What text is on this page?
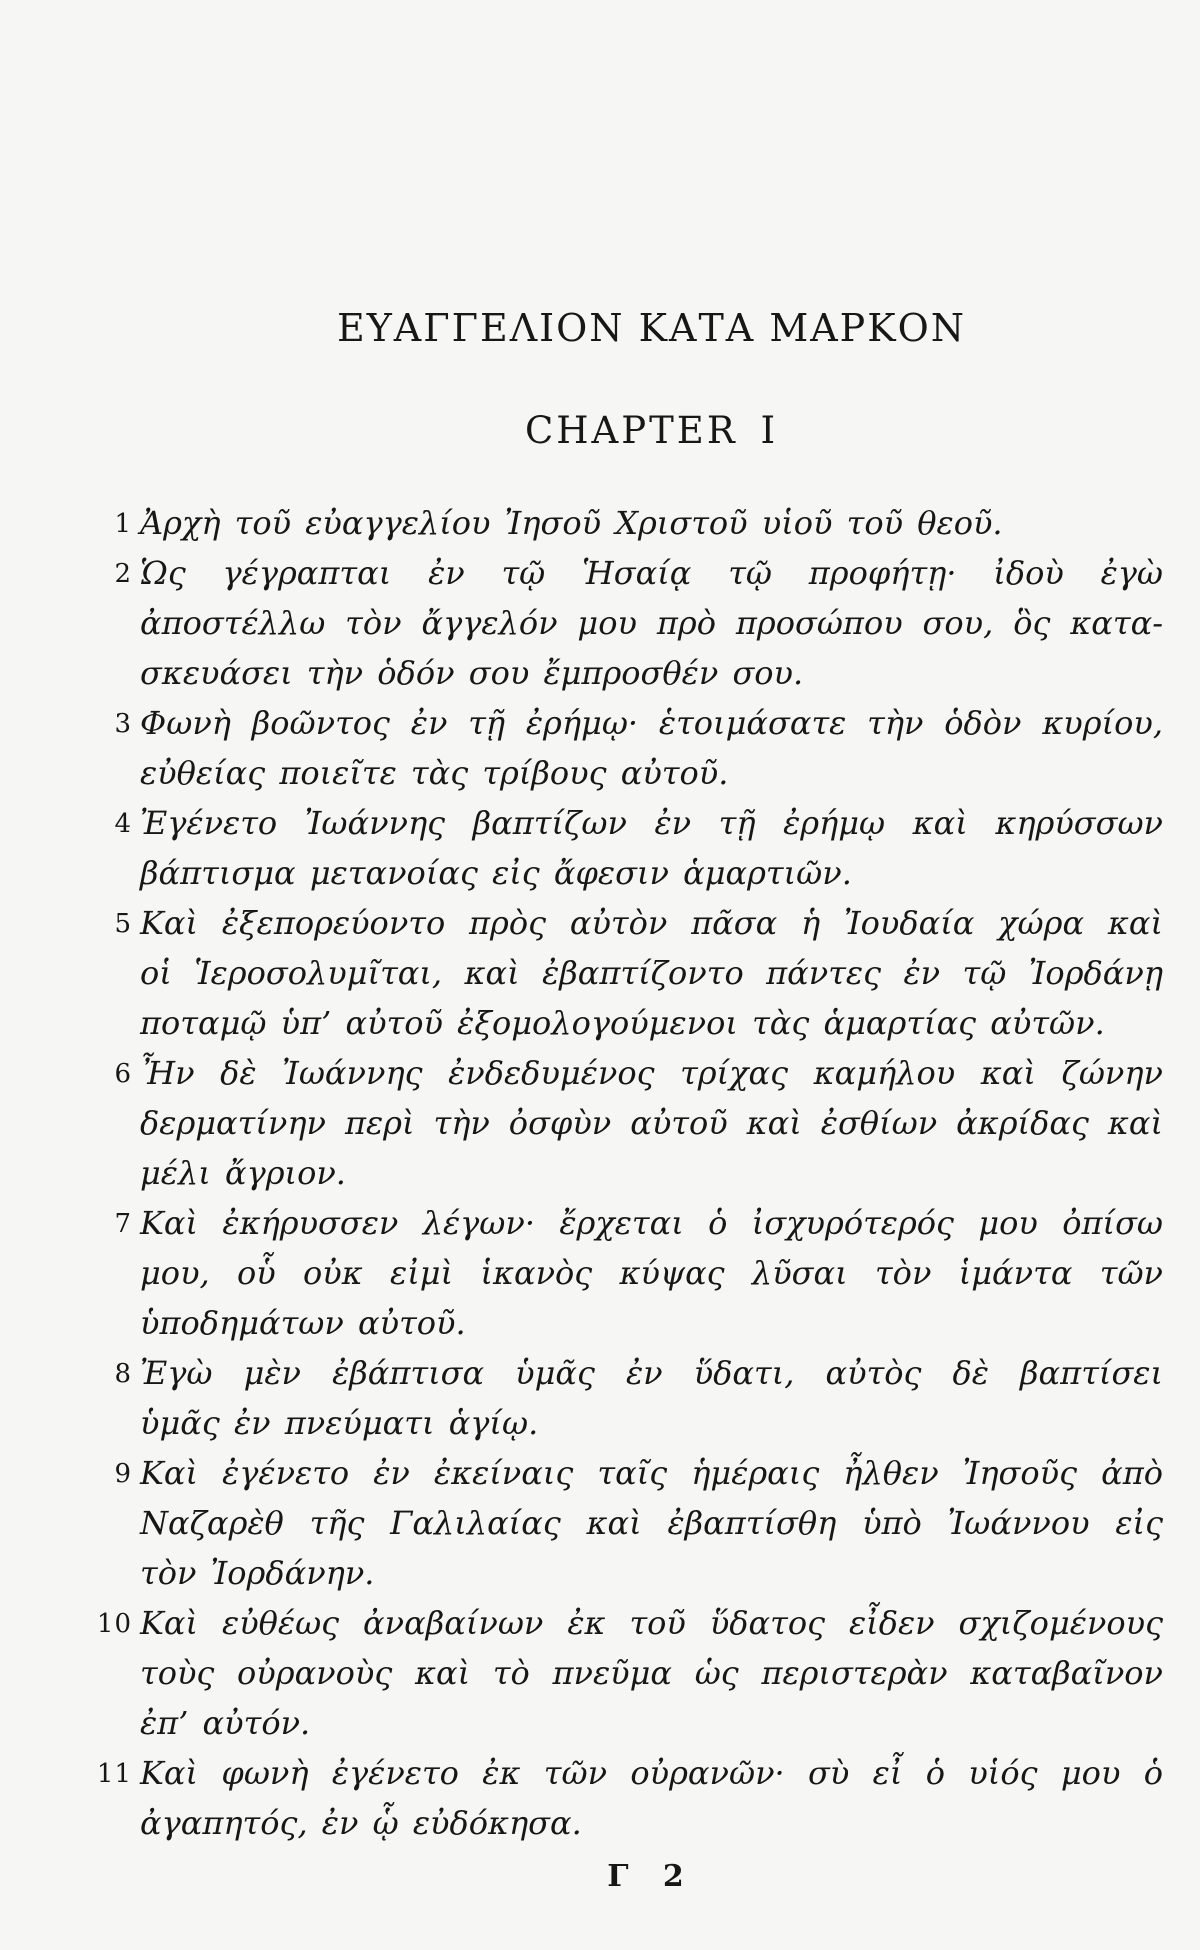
ΕΥΑΓΓΕΛΙΟΝ ΚΑΤΑ ΜΑΡΚΟΝ
CHAPTER I
1 Ἀρχὴ τοῦ εὐαγγελίου Ἰησοῦ Χριστοῦ υἱοῦ τοῦ θεοῦ.
2 Ὡς γέγραπται ἐν τῷ Ἡσαίᾳ τῷ προφήτῃ· ἰδοὺ ἐγὼ
ἀποστέλλω τὸν ἄγγελόν μου πρὸ προσώπου σου, ὃς κατα-
σκευάσει τὴν ὁδόν σου ἔμπροσθέν σου.
3 Φωνὴ βοῶντος ἐν τῇ ἐρήμῳ· ἑτοιμάσατε τὴν ὁδὸν κυρίου,
εὐθείας ποιεῖτε τὰς τρίβους αὐτοῦ.
4 Ἐγένετο Ἰωάννης βαπτίζων ἐν τῇ ἐρήμῳ καὶ κηρύσσων
βάπτισμα μετανοίας εἰς ἄφεσιν ἁμαρτιῶν.
5 Καὶ ἐξεπορεύοντο πρὸς αὐτὸν πᾶσα ἡ Ἰουδαία χώρα καὶ
οἱ Ἱεροσολυμῖται, καὶ ἐβαπτίζοντο πάντες ἐν τῷ Ἰορδάνῃ
ποταμῷ ὑπ’ αὐτοῦ ἐξομολογούμενοι τὰς ἁμαρτίας αὐτῶν.
6 Ἦν δὲ Ἰωάννης ἐνδεδυμένος τρίχας καμήλου καὶ ζώνην
δερματίνην περὶ τὴν ὀσφὺν αὐτοῦ καὶ ἐσθίων ἀκρίδας καὶ
μέλι ἄγριον.
7 Καὶ ἐκήρυσσεν λέγων· ἔρχεται ὁ ἰσχυρότερός μου ὀπίσω
μου, οὗ οὐκ εἰμὶ ἱκανὸς κύψας λῦσαι τὸν ἱμάντα τῶν
ὑποδημάτων αὐτοῦ.
8 Ἐγὼ μὲν ἐβάπτισα ὑμᾶς ἐν ὕδατι, αὐτὸς δὲ βαπτίσει
ὑμᾶς ἐν πνεύματι ἁγίῳ.
9 Καὶ ἐγένετο ἐν ἐκείναις ταῖς ἡμέραις ἦλθεν Ἰησοῦς ἀπὸ
Ναζαρὲθ τῆς Γαλιλαίας καὶ ἐβαπτίσθη ὑπὸ Ἰωάννου εἰς
τὸν Ἰορδάνην.
10 Καὶ εὐθέως ἀναβαίνων ἐκ τοῦ ὕδατος εἶδεν σχιζομένους
τοὺς οὐρανοὺς καὶ τὸ πνεῦμα ὡς περιστερὰν καταβαῖνον
ἐπ’ αὐτόν.
11 Καὶ φωνὴ ἐγένετο ἐκ τῶν οὐρανῶν· σὺ εἶ ὁ υἱός μου ὁ
ἀγαπητός, ἐν ᾧ εὐδόκησα.
Γ 2
